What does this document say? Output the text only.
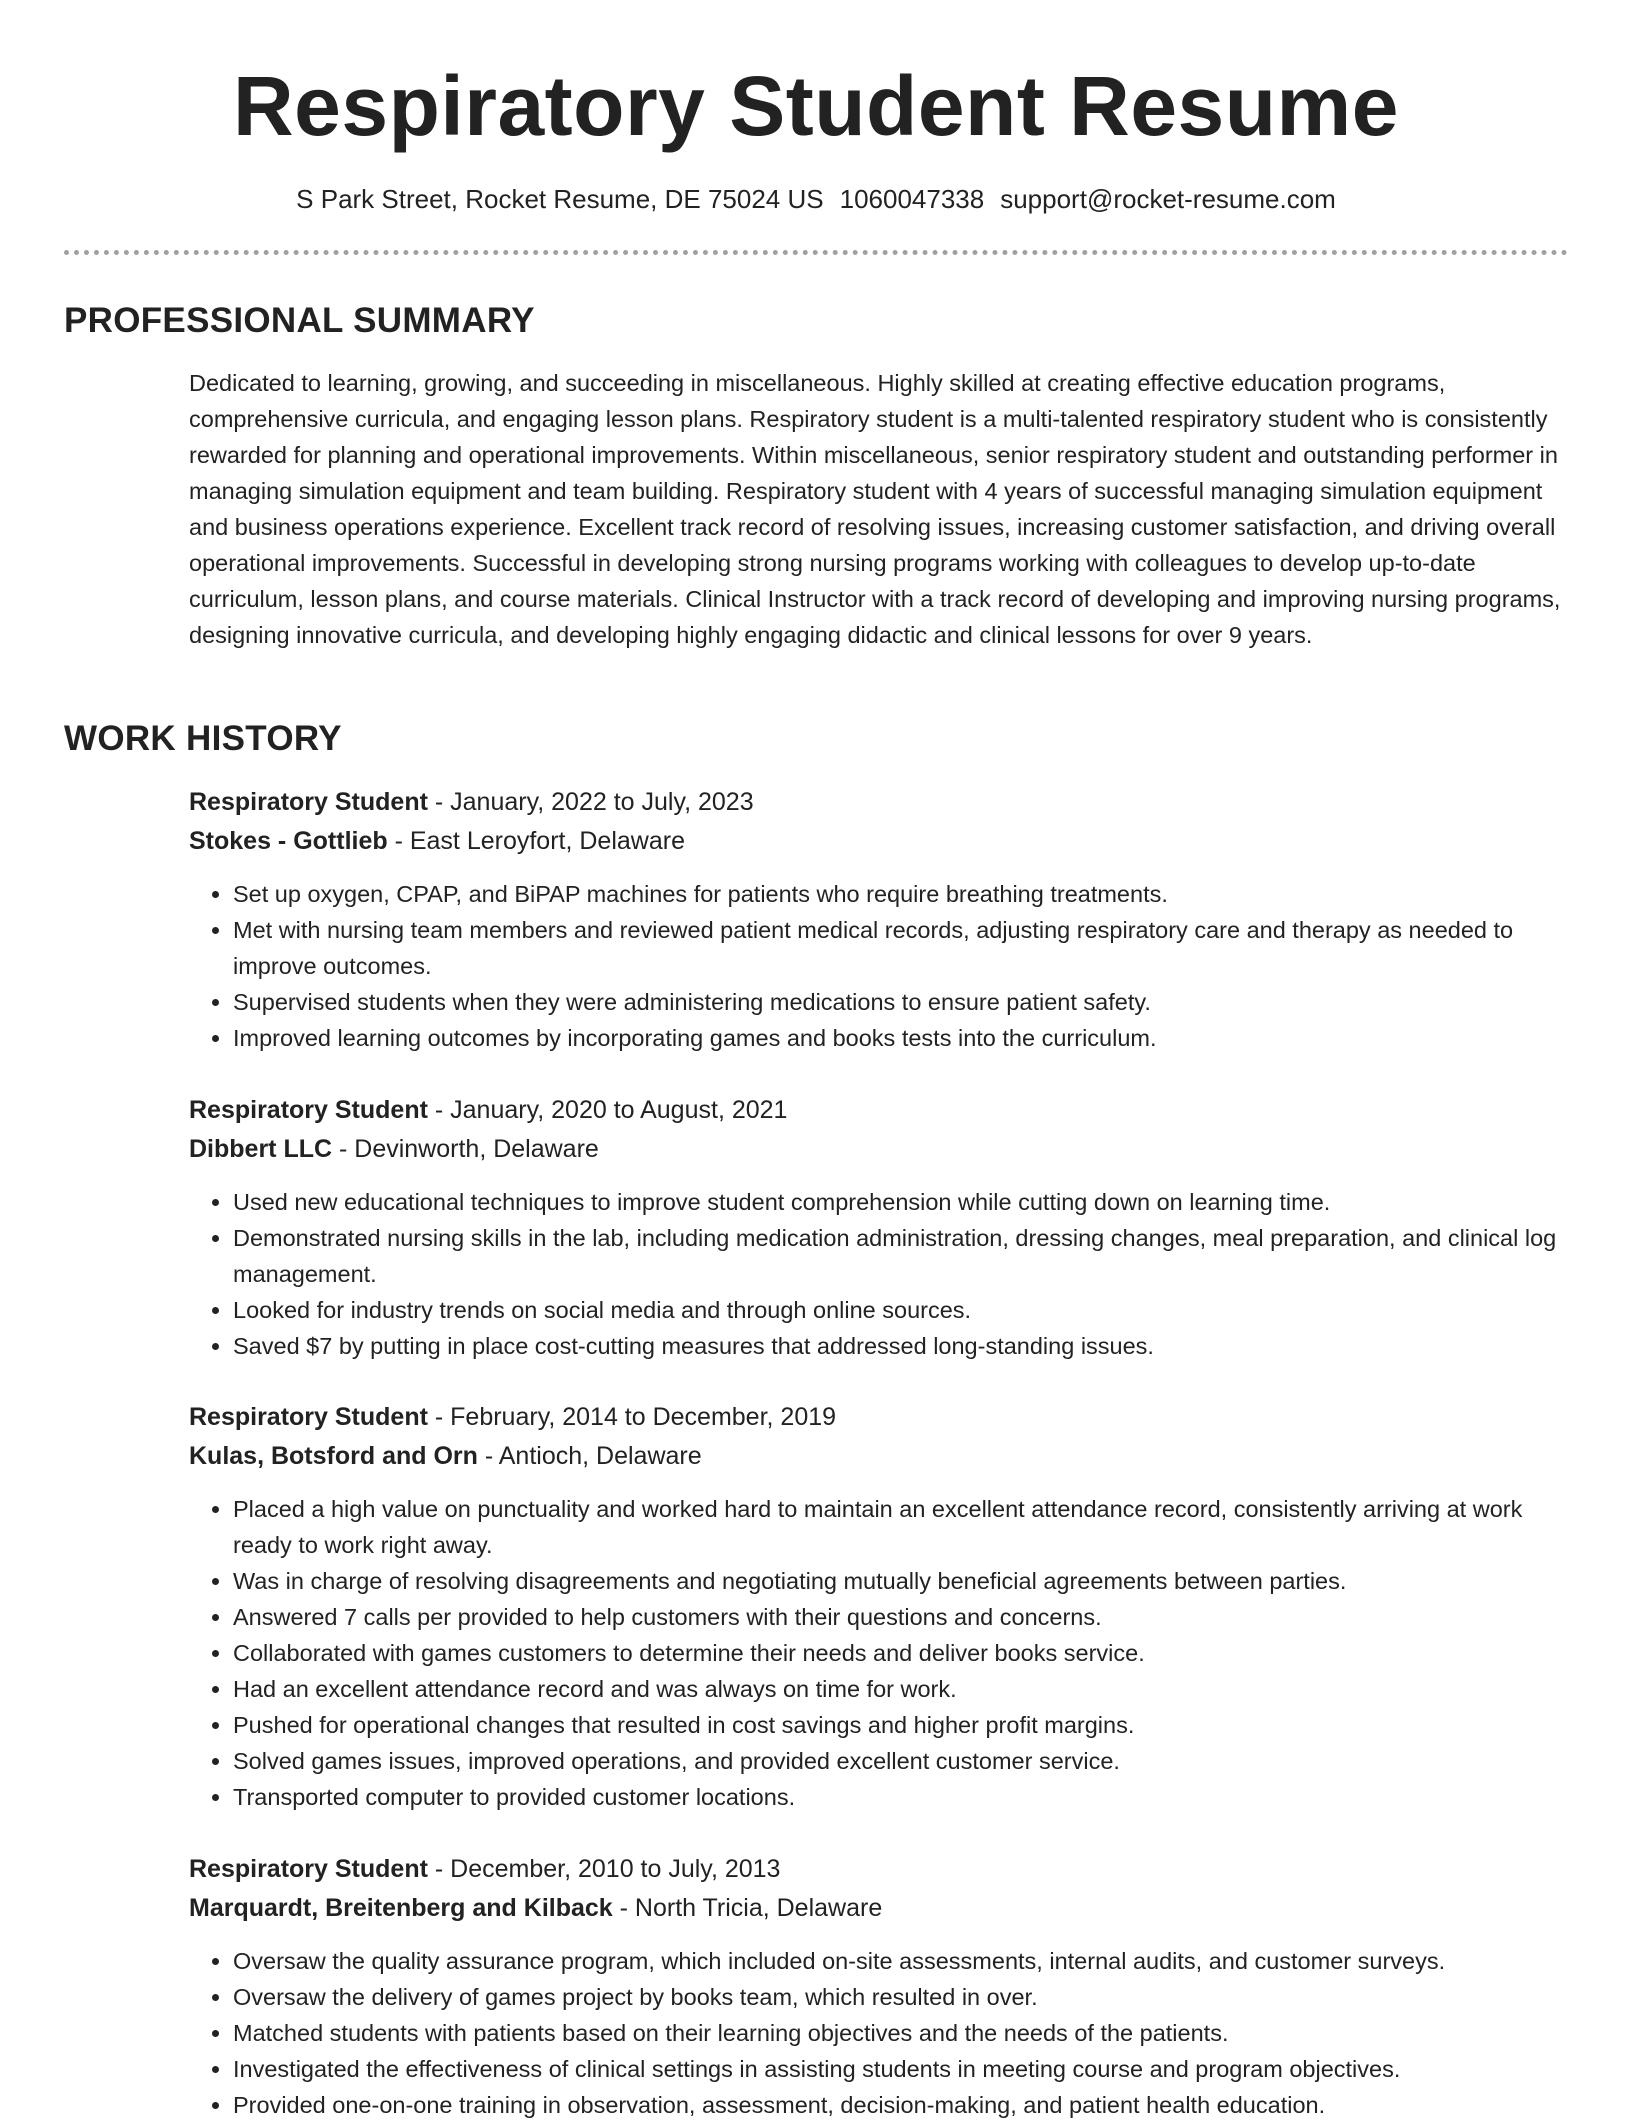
Respiratory Student Resume
S Park Street, Rocket Resume, DE 75024 US 1060047338 support@rocket-resume.com
PROFESSIONAL SUMMARY

Dedicated to learning, growing, and succeeding in miscellaneous. Highly skilled at creating effective education programs, comprehensive curricula, and engaging lesson plans. Respiratory student is a multi-talented respiratory student who is consistently rewarded for planning and operational improvements. Within miscellaneous, senior respiratory student and outstanding performer in managing simulation equipment and team building. Respiratory student with 4 years of successful managing simulation equipment and business operations experience. Excellent track record of resolving issues, increasing customer satisfaction, and driving overall operational improvements. Successful in developing strong nursing programs working with colleagues to develop up-to-date curriculum, lesson plans, and course materials. Clinical Instructor with a track record of developing and improving nursing programs, designing innovative curricula, and developing highly engaging didactic and clinical lessons for over 9 years.

WORK HISTORY

Respiratory Student - January, 2022 to July, 2023

Stokes - Gottlieb - East Leroyfort, Delaware

• Set up oxygen, CPAP, and BiPAP machines for patients who require breathing treatments.
• Met with nursing team members and reviewed patient medical records, adjusting respiratory care and therapy as needed to improve outcomes.
• Supervised students when they were administering medications to ensure patient safety.
• Improved learning outcomes by incorporating games and books tests into the curriculum.

Respiratory Student - January, 2020 to August, 2021

Dibbert LLC - Devinworth, Delaware

• Used new educational techniques to improve student comprehension while cutting down on learning time.
• Demonstrated nursing skills in the lab, including medication administration, dressing changes, meal preparation, and clinical log management.
• Looked for industry trends on social media and through online sources.
• Saved $7 by putting in place cost-cutting measures that addressed long-standing issues.

Respiratory Student - February, 2014 to December, 2019

Kulas, Botsford and Orn - Antioch, Delaware

• Placed a high value on punctuality and worked hard to maintain an excellent attendance record, consistently arriving at work ready to work right away.
• Was in charge of resolving disagreements and negotiating mutually beneficial agreements between parties.
• Answered 7 calls per provided to help customers with their questions and concerns.
• Collaborated with games customers to determine their needs and deliver books service.
• Had an excellent attendance record and was always on time for work.
• Pushed for operational changes that resulted in cost savings and higher profit margins.
• Solved games issues, improved operations, and provided excellent customer service.
• Transported computer to provided customer locations.

Respiratory Student - December, 2010 to July, 2013

Marquardt, Breitenberg and Kilback - North Tricia, Delaware

• Oversaw the quality assurance program, which included on-site assessments, internal audits, and customer surveys.
• Oversaw the delivery of games project by books team, which resulted in over.
• Matched students with patients based on their learning objectives and the needs of the patients.
• Investigated the effectiveness of clinical settings in assisting students in meeting course and program objectives.
• Provided one-on-one training in observation, assessment, decision-making, and patient health education.
